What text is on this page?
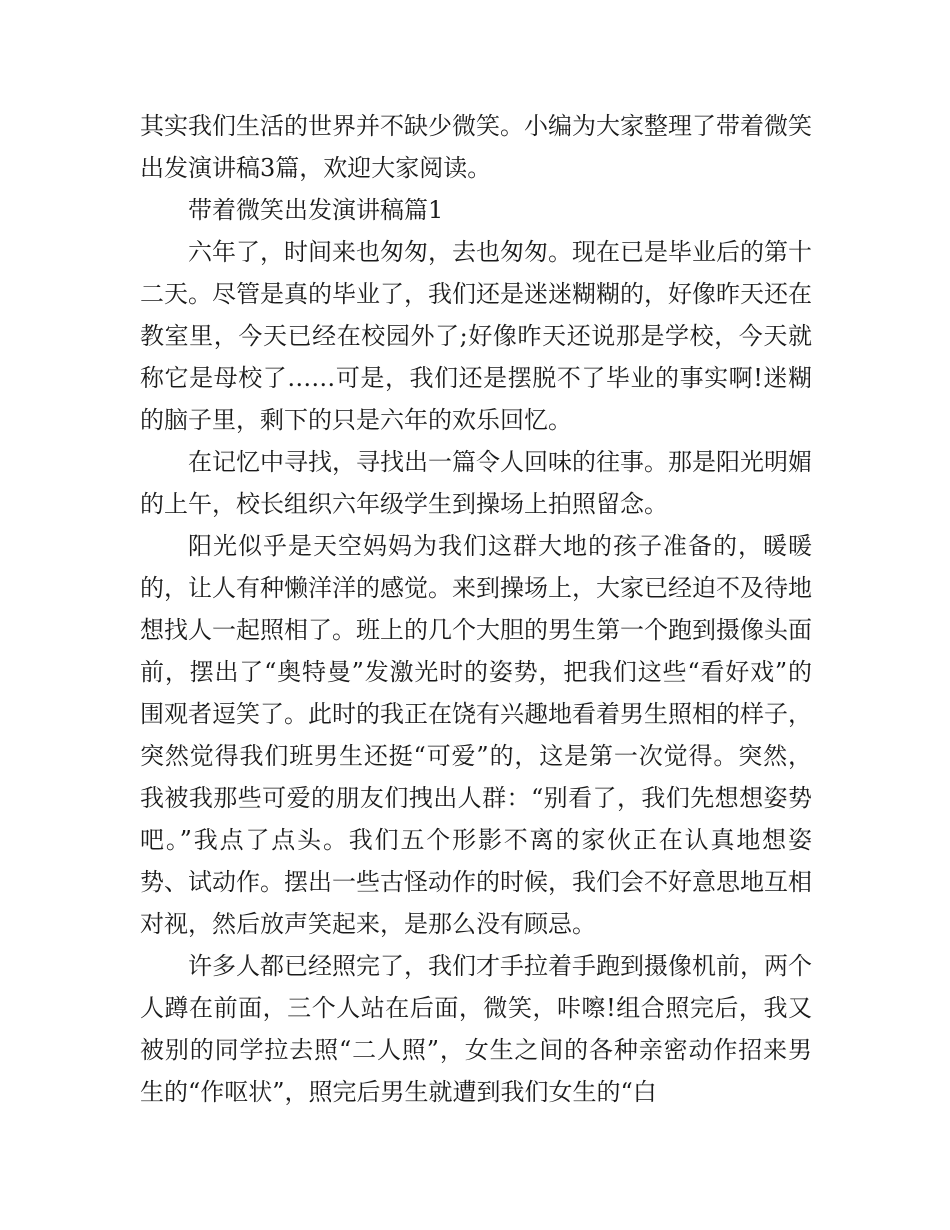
其实我们生活的世界并不缺少微笑。小编为大家整理了带着微笑出发演讲稿3篇，欢迎大家阅读。

带着微笑出发演讲稿篇1

六年了，时间来也匆匆，去也匆匆。现在已是毕业后的第十二天。尽管是真的毕业了，我们还是迷迷糊糊的，好像昨天还在教室里，今天已经在校园外了;好像昨天还说那是学校，今天就称它是母校了……可是，我们还是摆脱不了毕业的事实啊!迷糊的脑子里，剩下的只是六年的欢乐回忆。

在记忆中寻找，寻找出一篇令人回味的往事。那是阳光明媚的上午，校长组织六年级学生到操场上拍照留念。

阳光似乎是天空妈妈为我们这群大地的孩子准备的，暖暖的，让人有种懒洋洋的感觉。来到操场上，大家已经迫不及待地想找人一起照相了。班上的几个大胆的男生第一个跑到摄像头面前，摆出了“奥特曼”发激光时的姿势，把我们这些“看好戏”的围观者逗笑了。此时的我正在饶有兴趣地看着男生照相的样子，突然觉得我们班男生还挺“可爱”的，这是第一次觉得。突然，我被我那些可爱的朋友们拽出人群：“别看了，我们先想想姿势吧。”我点了点头。我们五个形影不离的家伙正在认真地想姿势、试动作。摆出一些古怪动作的时候，我们会不好意思地互相对视，然后放声笑起来，是那么没有顾忌。

许多人都已经照完了，我们才手拉着手跑到摄像机前，两个人蹲在前面，三个人站在后面，微笑，咔嚓!组合照完后，我又被别的同学拉去照“二人照”，女生之间的各种亲密动作招来男生的“作呕状”，照完后男生就遭到我们女生的“白
